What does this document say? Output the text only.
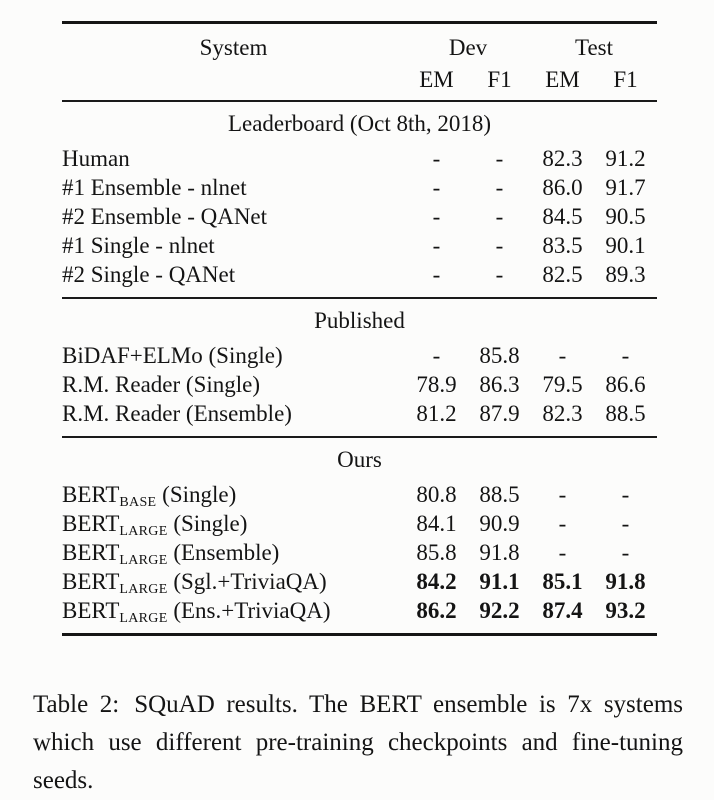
System	Dev	Test
EM	F1	EM	F1
Leaderboard (Oct 8th, 2018)
Human	-	-	82.3 91.2
#1 Ensemble - nlnet	-	-	86.0 91.7
#2 Ensemble - QANet	-	-	84.5 90.5
#1 Single - nlnet	-	-	83.5 90.1
#2 Single - QANet	-	-	82.5 89.3
Published
BiDAF+ELMo (Single)	-	85.8	-	-
R.M. Reader (Single)	78.9 86.3 79.5 86.6
R.M. Reader (Ensemble)	81.2 87.9 82.3 88.5
Ours
BERTBASE (Single)	80.8 88.5	-	-
BERTLARGE (Single)	84.1 90.9	-	-
BERTLARGE (Ensemble)	85.8 91.8	-	-
BERTLARGE (Sgl.+TriviaQA)	84.2 91.1 85.1 91.8
BERTLARGE (Ens.+TriviaQA)	86.2 92.2 87.4 93.2
Table 2: SQuAD results. The BERT ensemble is 7x systems which use different pre-training checkpoints and fine-tuning seeds.
